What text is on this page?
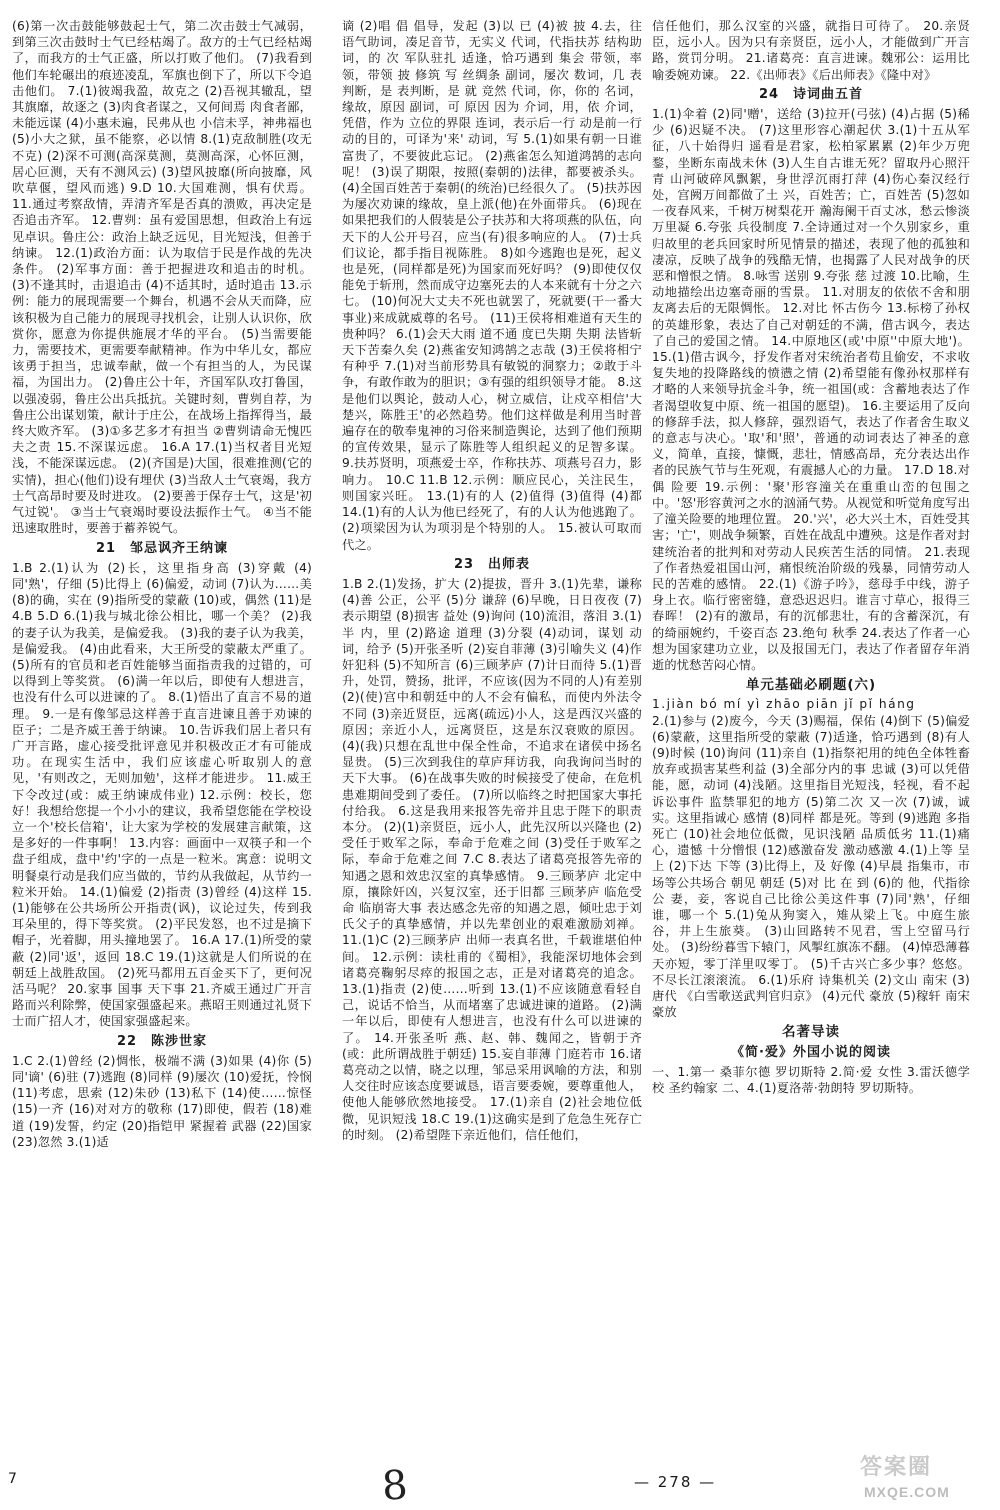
(6)第一次击鼓能够鼓起士气，第二次击鼓士气减弱，到第三次击鼓时士气已经枯竭了。敌方的士气已经枯竭了，而我方的士气正盛，所以打败了他们。 (7)我看到他们车轮碾出的痕迹凌乱，军旗也倒下了，所以下令追击他们。 7.(1)彼竭我盈，故克之 (2)吾视其辙乱，望其旗靡，故逐之 (3)肉食者谋之，又何间焉 肉食者鄙，未能远谋 (4)小惠未遍，民弗从也 小信未孚，神弗福也 (5)小大之狱，虽不能察，必以情 8.(1)克敌制胜(攻无不克) (2)深不可测(高深莫测，莫测高深，心怀叵测，居心叵测，天有不测风云) (3)望风披靡(所向披靡，风吹草偃，望风而逃) 9.D 10.大国难测，惧有伏焉。 11.通过考察敌情，弄清齐军是否真的溃败，再决定是否追击齐军。 12.曹刿：虽有爱国思想，但政治上有远见卓识。鲁庄公：政治上缺乏远见，目光短浅，但善于纳谏。 12.(1)政治方面：认为取信于民是作战的先决条件。 (2)军事方面：善于把握进攻和追击的时机。 (3)不逢其时，击退追击 (4)不适其时，适时追击 13.示例：能力的展现需要一个舞台，机遇不会从天而降，应该积极为自己能力的展现寻找机会，让别人认识你，欣赏你，愿意为你提供施展才华的平台。 (5)当需要能力，需要技术，更需要奉献精神。作为中华儿女，都应该勇于担当，忠诚奉献，做一个有担当的人，为民谋福，为国出力。 (2)鲁庄公十年，齐国军队攻打鲁国，以强凌弱，鲁庄公出兵抵抗。关键时刻，曹刿自荐，为鲁庄公出谋划策，献计于庄公，在战场上指挥得当，最终大败齐军。 (3)①多艺多才有担当 ②曹刿请命无愧匹夫之责 15.不深谋远虑。 16.A 17.(1)当权者目光短浅，不能深谋远虑。 (2)(齐国是)大国，很难推测(它的实情)，担心(他们)设有埋伏 (3)当敌人士气衰竭，我方士气高昂时要及时进攻。 (2)要善于保存士气，这是'初气过锐'。 ③当士气衰竭时要设法振作士气。 ④当不能迅速取胜时，要善于蓄养锐气。

21　邹忌讽齐王纳谏

1.B 2.(1)认为 (2)长，这里指身高 (3)穿戴 (4)同'熟'，仔细 (5)比得上 (6)偏爱，动词 (7)认为……美 (8)的确，实在 (9)指所受的蒙蔽 (10)或，偶然 (11)是 4.B 5.D 6.(1)我与城北徐公相比，哪一个美？ (2)我的妻子认为我美，是偏爱我。 (3)我的妻子认为我美，是偏爱我。 (4)由此看来，大王所受的蒙蔽太严重了。 (5)所有的官员和老百姓能够当面指责我的过错的，可以得到上等奖赏。 (6)满一年以后，即使有人想进言，也没有什么可以进谏的了。 8.(1)悟出了直言不易的道理。 9.一是有像邹忌这样善于直言进谏且善于劝谏的臣子；二是齐威王善于纳谏。 10.告诉我们居上者只有广开言路，虚心接受批评意见并积极改正才有可能成功。在现实生活中，我们应该虚心听取别人的意见，'有则改之，无则加勉'，这样才能进步。 11.威王下令改过(或：威王纳谏成伟业) 12.示例：校长，您好！我想给您提一个小小的建议，我希望您能在学校设立一个'校长信箱'，让大家为学校的发展建言献策，这是多好的一件事啊！ 13.内容：画面中一双筷子和一个盘子组成，盘中'约'字的一点是一粒米。寓意：说明文明餐桌行动是我们应当做的，节约从我做起，从节约一粒米开始。 14.(1)偏爱 (2)指责 (3)曾经 (4)这样 15.(1)能够在公共场所公开指责(讽)，议论过失，传到我耳朵里的，得下等奖赏。 (2)平民发怒，也不过是摘下帽子，光着脚，用头撞地罢了。 16.A 17.(1)所受的蒙蔽 (2)同'返'，返回 18.C 19.(1)这就是人们所说的在朝廷上战胜敌国。 (2)死马都用五百金买下了，更何况活马呢？ 20.家事 国事 天下事 21.齐威王通过广开言路而兴利除弊，使国家强盛起来。燕昭王则通过礼贤下士而广招人才，使国家强盛起来。

22　陈涉世家

1.C 2.(1)曾经 (2)惆怅，极端不满 (3)如果 (4)你 (5)同'谪' (6)驻 (7)逃跑 (8)同样 (9)屡次 (10)爱抚，怜悯 (11)考虑，思索 (12)朱砂 (13)私下 (14)使……惊怪 (15)一齐 (16)对对方的敬称 (17)即使，假若 (18)难道 (19)发誓，约定 (20)指铠甲 紧握着 武器 (22)国家 (23)忽然 3.(1)适

谪 (2)唱 倡 倡导，发起 (3)以 已 (4)被 披 4.去，往 语气助词，凑足音节，无实义 代词，代指扶苏 结构助词，的 次 军队驻扎 适逢，恰巧遇到 集会 带领，率领，带领 披 修筑 写 丝绸条 副词，屡次 数词，几 表判断，是 表判断，是 就 竞然 代词，你，你的 名词，缘故，原因 副词，可 原因 因为 介词，用，依 介词，凭借，作为 立位的界限 连词，表示后一行 动是前一行动的目的，可译为'来' 动词，写 5.(1)如果有朝一日谁富贵了，不要彼此忘记。 (2)燕雀怎么知道鸿鹄的志向呢！ (3)误了期限，按照(秦朝的)法律，都要被杀头。 (4)全国百姓苦于秦朝(的统治)已经很久了。 (5)扶苏因为屡次劝谏的缘故，皇上派(他)在外面带兵。 (6)现在如果把我们的人假装是公子扶苏和大将项燕的队伍，向天下的人公开号召，应当(有)很多响应的人。 (7)士兵们议论，都手指目视陈胜。 8)如今逃跑也是死，起义也是死，(同样都是死)为国家而死好吗？ (9)即使仅仅能免于斩刑，然而成守边塞死去的人本来就有十分之六七。 (10)何况大丈夫不死也就罢了，死就要(干一番大事业)来成就威尊的名号。 (11)王侯将相难道有天生的贵种吗？ 6.(1)会天大雨 道不通 度已失期 失期 法皆斩 天下苦秦久矣 (2)燕雀安知鸿鹄之志哉 (3)王侯将相宁有种乎 7.(1)对当前形势具有敏锐的洞察力；②敢于斗争，有敢作敢为的胆识；③有强的组织领导才能。 8.这是他们以舆论，鼓动人心，树立威信，让戍卒相信'大楚兴，陈胜王'的必然趋势。他们这样做是利用当时普遍存在的敬奉鬼神的习俗来制造舆论，达到了他们预期的宣传效果，显示了陈胜等人组织起义的足智多谋。 9.扶苏贤明，项燕爱士卒，作称扶苏、项燕号召力，影响力。 10.C 11.B 12.示例：顺应民心，关注民生，则国家兴旺。 13.(1)有的人 (2)值得 (3)值得 (4)都 14.(1)有的人认为他已经死了，有的人认为他逃跑了。 (2)项梁因为认为项羽是个特别的人。 15.被认可取而代之。

23　出师表

1.B 2.(1)发扬，扩大 (2)提拔，晋升 3.(1)先辈，谦称 (4)善 公正，公平 (5)分 谦辞 (6)早晚，日日夜夜 (7)表示期望 (8)损害 益处 (9)询问 (10)流泪，落泪 3.(1)半 内，里 (2)路途 道理 (3)分裂 (4)动词，谋划 动词，给予 (5)开张圣听 (2)妄自菲薄 (3)引喻失义 (4)作奸犯科 (5)不知所言 (6)三顾茅庐 (7)计日而待 5.(1)晋升，处罚，赞扬，批评，不应该(因为不同的人)有差别 (2)(使)宫中和朝廷中的人不会有偏私，而使内外法令不同 (3)亲近贤臣，远离(疏远)小人，这是西汉兴盛的原因；亲近小人，远离贤臣，这是东汉衰败的原因。 (4)(我)只想在乱世中保全性命，不追求在诸侯中扬名显贵。 (5)三次到我住的草庐拜访我，向我询问当时的天下大事。 (6)在战事失败的时候接受了使命，在危机患难期间受到了委任。 (7)所以临终之时把国家大事托付给我。 6.这是我用来报答先帝并且忠于陛下的职责本分。 (2)(1)亲贤臣，远小人，此先汉所以兴隆也 (2)受任于败军之际，奉命于危难之间 (3)受任于败军之际，奉命于危难之间 7.C 8.表达了诸葛亮报答先帝的知遇之恩和效忠汉室的真挚感情。 9.三顾茅庐 北定中原，攘除奸凶，兴复汉室，还于旧都 三顾茅庐 临危受命 临崩寄大事 表达感念先帝的知遇之恩，倾吐忠于刘氏父子的真挚感情，并以先辈创业的艰难激励刘禅。 11.(1)C (2)三顾茅庐 出师一表真名世，千载谁堪伯仲间。 12.示例：读杜甫的《蜀相》，我能深切地体会到诸葛亮鞠躬尽瘁的报国之志，正是对诸葛亮的追念。 13.(1)指责 (2)使……听到 13.(1)不应该随意看轻自己，说话不恰当，从而堵塞了忠诚进谏的道路。 (2)满一年以后，即使有人想进言，也没有什么可以进谏的了。 14.开张圣听 燕、赵、韩、魏闻之，皆朝于齐(或：此所谓战胜于朝廷) 15.妄自菲薄 门庭若市 16.诸葛亮动之以情，晓之以理，邹忌采用讽喻的方法，和别人交往时应该态度要诚恳，语言要委婉，要尊重他人，使他人能够欣然地接受。 17.(1)亲自 (2)社会地位低微，见识短浅 18.C 19.(1)这确实是到了危急生死存亡的时刻。 (2)希望陛下亲近他们，信任他们，

信任他们，那么汉室的兴盛，就指日可待了。 20.亲贤臣，远小人。因为只有亲贤臣，远小人，才能做到广开言路，赏罚分明。 21.诸葛亮：直言进谏。魏邪公：运用比喻委婉劝谏。 22.《出师表》《后出师表》《隆中对》

24　诗词曲五首

1.(1)伞着 (2)同'赠'，送给 (3)拉开(弓弦) (4)占据 (5)稀少 (6)迟疑不决。 (7)这里形容心潮起伏 3.(1)十五从军征，八十始得归 遥看是君家，松柏冢累累 (2)年少万兜鍪，坐断东南战未休 (3)人生自古谁无死？留取丹心照汗青 山河破碎风飘絮，身世浮沉雨打萍 (4)伤心秦汉经行处，宫阙万间都做了土 兴，百姓苦；亡，百姓苦 (5)忽如一夜春风来，千树万树梨花开 瀚海阑干百丈冰，愁云惨淡万里凝 6.夸张 兵役制度 7.全诗通过对一个久别家乡，重归故里的老兵回家时所见情景的描述，表现了他的孤独和凄凉，反映了战争的残酷无情，也揭露了人民对战争的厌恶和憎恨之情。 8.咏雪 送别 9.夸张 慈 过渡 10.比喻，生动地描绘出边塞奇丽的雪景。 11.对朋友的依依不舍和朋友离去后的无限惆怅。 12.对比 怀古伤今 13.标榜了孙权的英雄形象，表达了自己对朝廷的不满，借古讽今，表达了自己的爱国之情。 14.中原地区(或'中原''中原大地')。 15.(1)借古讽今，抒发作者对宋统治者苟且偷安，不求收复失地的投降路线的愤懑之情 (2)希望能有像孙权那样有才略的人来领导抗金斗争，统一祖国(或：含蓄地表达了作者渴望收复中原、统一祖国的愿望)。 16.主要运用了反向的修辞手法，拟人修辞，强烈语气，表达了作者舍生取义的意志与决心。'取'和'照'，普通的动词表达了神圣的意义，简单，直接，慷慨，悲壮，情感高昂，充分表达出作者的民族气节与生死观，有震撼人心的力量。 17.D 18.对偶 险要 19.示例：'聚'形容潼关在重重山峦的包围之中。'怒'形容黄河之水的汹涌气势。从视觉和听觉角度写出了潼关险要的地理位置。 20.'兴'，必大兴土木，百姓受其害；'亡'，则战争频繁，百姓在战乱中遭殃。这是作者对封建统治者的批判和对劳动人民疾苦生活的同情。 21.表现了作者热爱祖国山河，痛恨统治阶级的残暴，同情劳动人民的苦难的感情。 22.(1)《游子吟》，慈母手中线，游子身上衣。临行密密缝，意恐迟迟归。谁言寸草心，报得三春晖！ (2)有的激昂，有的沉郁悲壮，有的含蓄深沉，有的绮丽婉约，千姿百态 23.绝句 秋季 24.表达了作者一心想为国家建功立业，以及报国无门，表达了作者留存年消逝的忧愁苦闷心情。

单元基础必刷题(六)

1.jiàn bó mí yì zhāo piān jǐ pǐ háng

2.(1)参与 (2)废今，今天 (3)赐福，保佑 (4)倒下 (5)偏爱 (6)蒙蔽，这里指所受的蒙蔽 (7)适逢，恰巧遇到 (8)有人 (9)时候 (10)询问 (11)亲自 (1)指祭祀用的纯色全体牲畜 放弃或损害某些利益 (3)全部分内的事 忠诚 (3)可以凭借 能，愿，动词 (4)浅陋。这里指目光短浅，轻视，看不起 诉讼事件 监禁罪犯的地方 (5)第二次 又一次 (7)诚，诚实。这里指诚心 感情 (8)同样 都是死。等到 (9)逃跑 多指死亡 (10)社会地位低微，见识浅陋 品质低劣 11.(1)痛心，遗憾 十分憎恨 (12)感激奋发 激动感激 4.(1)上等 呈上 (2)下达 下等 (3)比得上，及 好像 (4)早晨 指集市，市场等公共场合 朝见 朝廷 (5)对 比 在 到 (6)的 他，代指徐公 妻，妾，客说自己比徐公美这件事 (7)同'熟'，仔细 谁，哪一个 5.(1)兔从狗窦入，雉从梁上飞。中庭生旅谷，井上生旅葵。 (3)山回路转不见君，雪上空留马行处。 (3)纷纷暮雪下辕门，风掣红旗冻不翻。 (4)悼恐薄暮天亦短，零丁洋里叹零丁。 (5)千古兴亡多少事？悠悠。不尽长江滚滚流。 6.(1)乐府 诗集机关 (2)文山 南宋 (3)唐代 《白雪歌送武判官归京》 (4)元代 豪放 (5)稼轩 南宋 豪放

名著导读
《简·爱》外国小说的阅读

一、1.第一 桑菲尔德 罗切斯特 2.简·爱 女性 3.雷沃德学校 圣约翰家 二、4.(1)夏洛蒂·勃朗特 罗切斯特。

7	8	— 278 —
答案圈
MXQE.COM
